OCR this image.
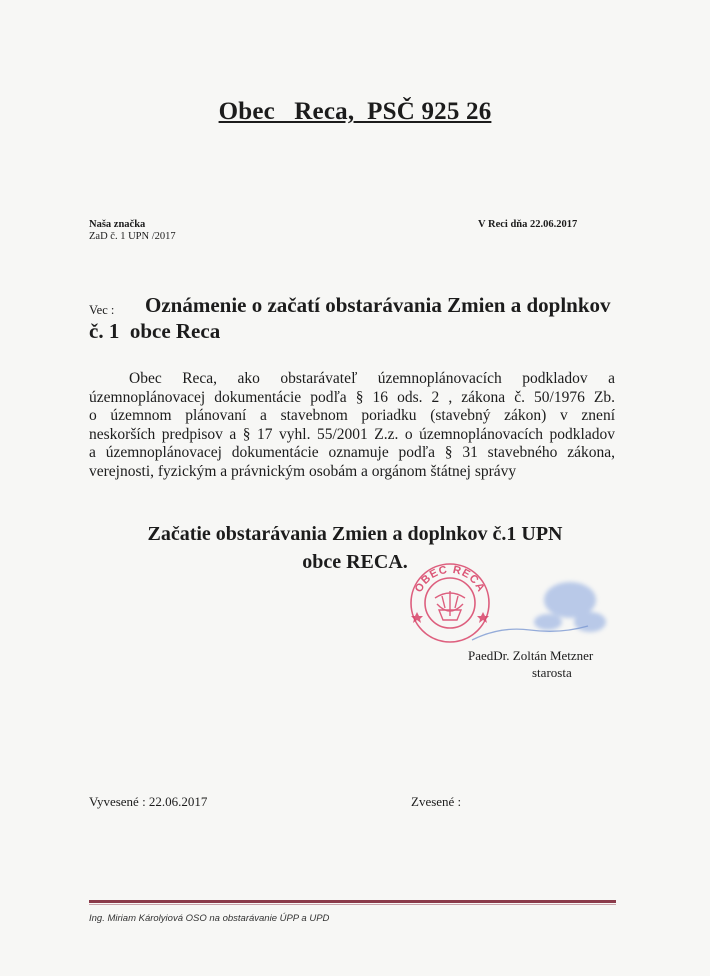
Obec   Reca,  PSČ 925 26
Naša značka
ZaD č. 1 UPN /2017
V Reci dňa 22.06.2017
Vec : Oznámenie o začatí obstarávania Zmien a doplnkov
č. 1  obce Reca
Obec Reca, ako obstarávateľ územnoplánovacích podkladov a
územnoplánovacej dokumentácie podľa § 16 ods. 2 , zákona č. 50/1976 Zb.
o územnom plánovaní a stavebnom poriadku (stavebný zákon) v znení
neskorších predpisov a § 17 vyhl. 55/2001 Z.z. o územnoplánovacích podkladov
a územnoplánovacej dokumentácie oznamuje podľa § 31 stavebného zákona,
verejnosti, fyzickým a právnickým osobám a orgánom štátnej správy
Začatie obstarávania Zmien a doplnkov č.1 UPN
obce RECA.
OBEC RECA
PaedDr. Zoltán Metzner
starosta
Vyvesené : 22.06.2017	Zvesené :
Ing. Miriam Károlyiová OSO na obstarávanie ÚPP a UPD
